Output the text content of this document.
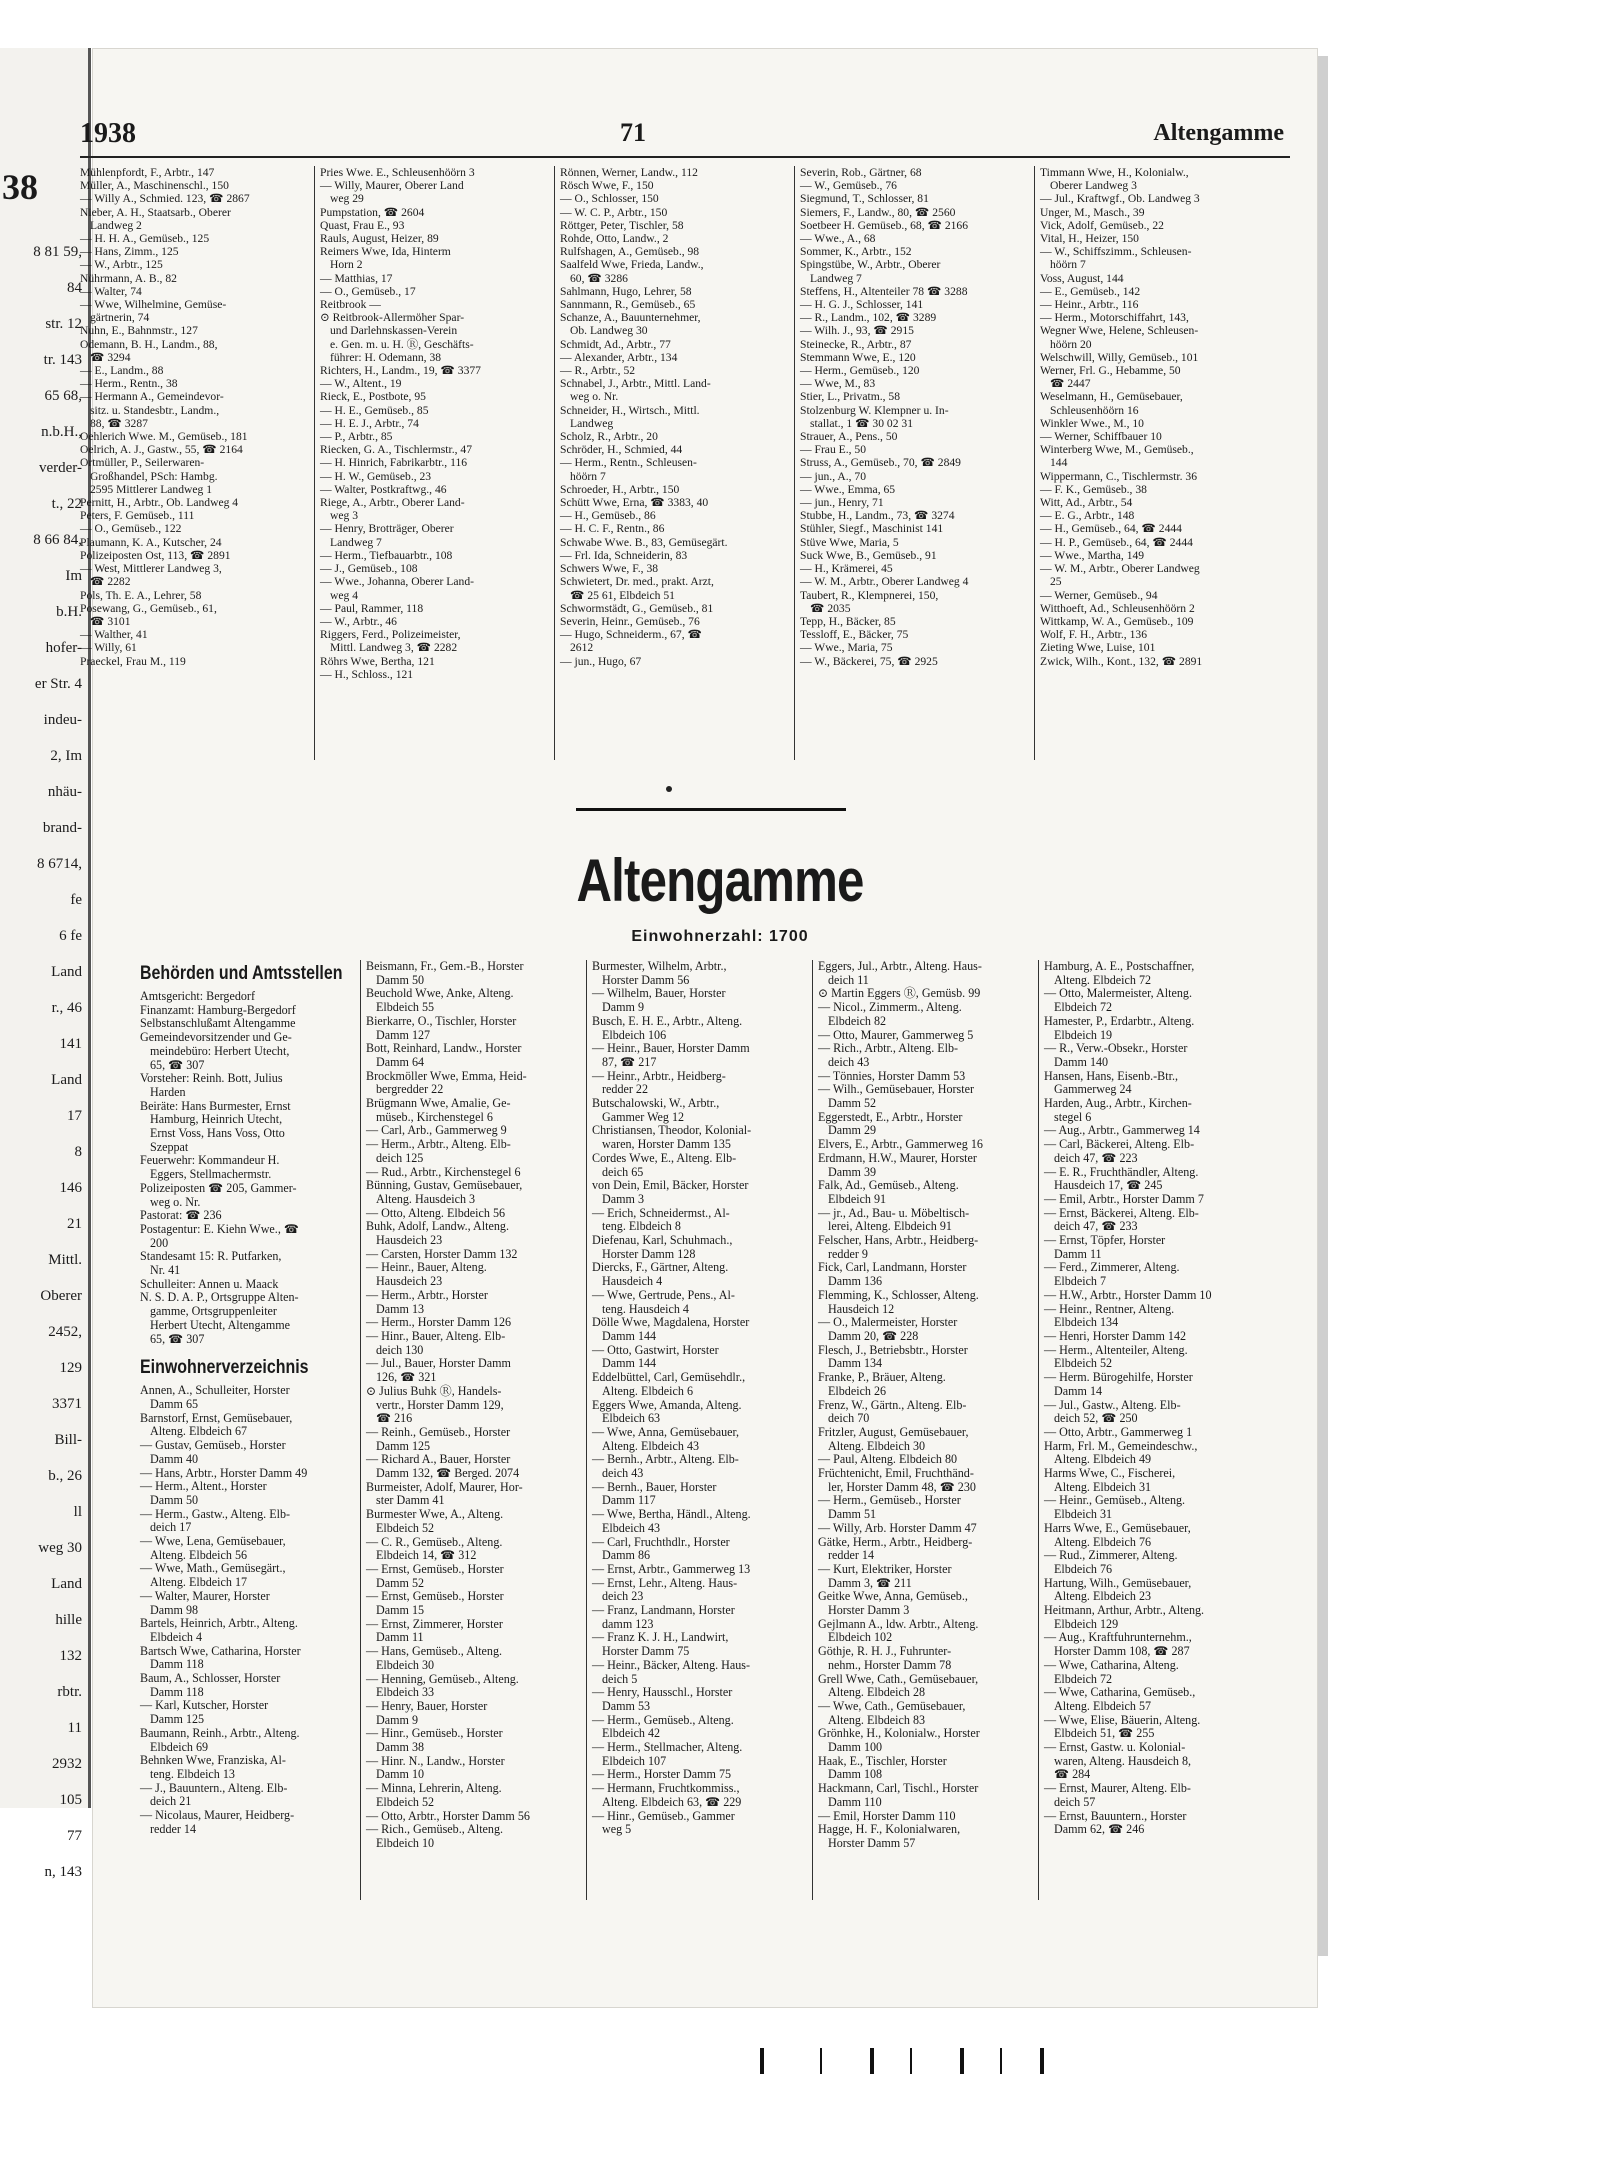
38
8 81 59,
84
str. 12
tr. 143
65 68,
n.b.H.,
verder-
t., 22
8 66 84,
Im
b.H.
hofer-
er Str. 4
indeu-
2, Im
nhäu-
brand-
8 6714,
fe
6 fe
Land
r., 46
141
Land
17
8
146
21
Mittl.
Oberer
2452,
129
3371
Bill-
b., 26
ll
weg 30
Land
hille
132
rbtr.
11
2932
105
77
n, 143
1938	71	Altengamme
Mühlenpfordt, F., Arbtr., 147
Müller, A., Maschinenschl., 150
— Willy A., Schmied. 123, ☎ 2867
Nieber, A. H., Staatsarb., Oberer
Landweg 2
— H. H. A., Gemüseb., 125
— Hans, Zimm., 125
— W., Arbtr., 125
Nührmann, A. B., 82
— Walter, 74
— Wwe, Wilhelmine, Gemüse-
gärtnerin, 74
Nuhn, E., Bahnmstr., 127
Odemann, B. H., Landm., 88,
☎ 3294
— E., Landm., 88
— Herm., Rentn., 38
— Hermann A., Gemeindevor-
sitz. u. Standesbtr., Landm.,
88, ☎ 3287
Oehlerich Wwe. M., Gemüseb., 181
Oelrich, A. J., Gastw., 55, ☎ 2164
Ortmüller, P., Seilerwaren-
Großhandel, PSch: Hambg.
2595 Mittlerer Landweg 1
Pernitt, H., Arbtr., Ob. Landweg 4
Peters, F. Gemüseb., 111
— O., Gemüseb., 122
Plaumann, K. A., Kutscher, 24
Polizeiposten Ost, 113, ☎ 2891
— West, Mittlerer Landweg 3,
☎ 2282
Pols, Th. E. A., Lehrer, 58
Posewang, G., Gemüseb., 61,
☎ 3101
— Walther, 41
— Willy, 61
Praeckel, Frau M., 119
Pries Wwe. E., Schleusenhöörn 3
— Willy, Maurer, Oberer Land
weg 29
Pumpstation, ☎ 2604
Quast, Frau E., 93
Rauls, August, Heizer, 89
Reimers Wwe, Ida, Hinterm
Horn 2
— Matthias, 17
— O., Gemüseb., 17
Reitbrook —
⊙ Reitbrook-Allermöher Spar-
und Darlehnskassen-Verein
e. Gen. m. u. H. Ⓡ, Geschäfts-
führer: H. Odemann, 38
Richters, H., Landm., 19, ☎ 3377
— W., Altent., 19
Rieck, E., Postbote, 95
— H. E., Gemüseb., 85
— H. E. J., Arbtr., 74
— P., Arbtr., 85
Riecken, G. A., Tischlermstr., 47
— H. Hinrich, Fabrikarbtr., 116
— H. W., Gemüseb., 23
— Walter, Postkraftwg., 46
Riege, A., Arbtr., Oberer Land-
weg 3
— Henry, Brotträger, Oberer
Landweg 7
— Herm., Tiefbauarbtr., 108
— J., Gemüseb., 108
— Wwe., Johanna, Oberer Land-
weg 4
— Paul, Rammer, 118
— W., Arbtr., 46
Riggers, Ferd., Polizeimeister,
Mittl. Landweg 3, ☎ 2282
Röhrs Wwe, Bertha, 121
— H., Schloss., 121
Rönnen, Werner, Landw., 112
Rösch Wwe, F., 150
— O., Schlosser, 150
— W. C. P., Arbtr., 150
Röttger, Peter, Tischler, 58
Rohde, Otto, Landw., 2
Rulfshagen, A., Gemüseb., 98
Saalfeld Wwe, Frieda, Landw.,
60, ☎ 3286
Sahlmann, Hugo, Lehrer, 58
Sannmann, R., Gemüseb., 65
Schanze, A., Bauunternehmer,
Ob. Landweg 30
Schmidt, Ad., Arbtr., 77
— Alexander, Arbtr., 134
— R., Arbtr., 52
Schnabel, J., Arbtr., Mittl. Land-
weg o. Nr.
Schneider, H., Wirtsch., Mittl.
Landweg
Scholz, R., Arbtr., 20
Schröder, H., Schmied, 44
— Herm., Rentn., Schleusen-
höörn 7
Schroeder, H., Arbtr., 150
Schütt Wwe, Erna, ☎ 3383, 40
— H., Gemüseb., 86
— H. C. F., Rentn., 86
Schwabe Wwe. B., 83, Gemüsegärt.
— Frl. Ida, Schneiderin, 83
Schwers Wwe, F., 38
Schwietert, Dr. med., prakt. Arzt,
☎ 25 61, Elbdeich 51
Schwormstädt, G., Gemüseb., 81
Severin, Heinr., Gemüseb., 76
— Hugo, Schneiderm., 67, ☎
2612
— jun., Hugo, 67
Severin, Rob., Gärtner, 68
— W., Gemüseb., 76
Siegmund, T., Schlosser, 81
Siemers, F., Landw., 80, ☎ 2560
Soetbeer H. Gemüseb., 68, ☎ 2166
— Wwe., A., 68
Sommer, K., Arbtr., 152
Spingstübe, W., Arbtr., Oberer
Landweg 7
Steffens, H., Altenteiler 78 ☎ 3288
— H. G. J., Schlosser, 141
— R., Landm., 102, ☎ 3289
— Wilh. J., 93, ☎ 2915
Steinecke, R., Arbtr., 87
Stemmann Wwe, E., 120
— Herm., Gemüseb., 120
— Wwe, M., 83
Stier, L., Privatm., 58
Stolzenburg W. Klempner u. In-
stallat., 1 ☎ 30 02 31
Strauer, A., Pens., 50
— Frau E., 50
Struss, A., Gemüseb., 70, ☎ 2849
— jun., A., 70
— Wwe., Emma, 65
— jun., Henry, 71
Stubbe, H., Landm., 73, ☎ 3274
Stühler, Siegf., Maschinist 141
Stüve Wwe, Maria, 5
Suck Wwe, B., Gemüseb., 91
— H., Krämerei, 45
— W. M., Arbtr., Oberer Landweg 4
Taubert, R., Klempnerei, 150,
☎ 2035
Tepp, H., Bäcker, 85
Tessloff, E., Bäcker, 75
— Wwe., Maria, 75
— W., Bäckerei, 75, ☎ 2925
Timmann Wwe, H., Kolonialw.,
Oberer Landweg 3
— Jul., Kraftwgf., Ob. Landweg 3
Unger, M., Masch., 39
Vick, Adolf, Gemüseb., 22
Vital, H., Heizer, 150
— W., Schiffszimm., Schleusen-
höörn 7
Voss, August, 144
— E., Gemüseb., 142
— Heinr., Arbtr., 116
— Herm., Motorschiffahrt, 143,
Wegner Wwe, Helene, Schleusen-
höörn 20
Welschwill, Willy, Gemüseb., 101
Werner, Frl. G., Hebamme, 50
☎ 2447
Weselmann, H., Gemüsebauer,
Schleusenhöörn 16
Winkler Wwe., M., 10
— Werner, Schiffbauer 10
Winterberg Wwe, M., Gemüseb.,
144
Wippermann, C., Tischlermstr. 36
— F. K., Gemüseb., 38
Witt, Ad., Arbtr., 54
— E. G., Arbtr., 148
— H., Gemüseb., 64, ☎ 2444
— H. P., Gemüseb., 64, ☎ 2444
— Wwe., Martha, 149
— W. M., Arbtr., Oberer Landweg
25
— Werner, Gemüseb., 94
Witthoeft, Ad., Schleusenhöörn 2
Wittkamp, W. A., Gemüseb., 109
Wolf, F. H., Arbtr., 136
Zieting Wwe, Luise, 101
Zwick, Wilh., Kont., 132, ☎ 2891
Altengamme
Einwohnerzahl: 1700
Behörden und Amtsstellen
Amtsgericht: Bergedorf
Finanzamt: Hamburg-Bergedorf
Selbstanschlußamt Altengamme
Gemeindevorsitzender und Ge-
meindebüro: Herbert Utecht,
65, ☎ 307
Vorsteher: Reinh. Bott, Julius
Harden
Beiräte: Hans Burmester, Ernst
Hamburg, Heinrich Utecht,
Ernst Voss, Hans Voss, Otto
Szeppat
Feuerwehr: Kommandeur H.
Eggers, Stellmachermstr.
Polizeiposten ☎ 205, Gammer-
weg o. Nr.
Pastorat: ☎ 236
Postagentur: E. Kiehn Wwe., ☎
200
Standesamt 15: R. Putfarken,
Nr. 41
Schulleiter: Annen u. Maack
N. S. D. A. P., Ortsgruppe Alten-
gamme, Ortsgruppenleiter
Herbert Utecht, Altengamme
65, ☎ 307
Einwohnerverzeichnis
Annen, A., Schulleiter, Horster
Damm 65
Barnstorf, Ernst, Gemüsebauer,
Alteng. Elbdeich 67
— Gustav, Gemüseb., Horster
Damm 40
— Hans, Arbtr., Horster Damm 49
— Herm., Altent., Horster
Damm 50
— Herm., Gastw., Alteng. Elb-
deich 17
— Wwe, Lena, Gemüsebauer,
Alteng. Elbdeich 56
— Wwe, Math., Gemüsegärt.,
Alteng. Elbdeich 17
— Walter, Maurer, Horster
Damm 98
Bartels, Heinrich, Arbtr., Alteng.
Elbdeich 4
Bartsch Wwe, Catharina, Horster
Damm 118
Baum, A., Schlosser, Horster
Damm 118
— Karl, Kutscher, Horster
Damm 125
Baumann, Reinh., Arbtr., Alteng.
Elbdeich 69
Behnken Wwe, Franziska, Al-
teng. Elbdeich 13
— J., Bauuntern., Alteng. Elb-
deich 21
— Nicolaus, Maurer, Heidberg-
redder 14
Beismann, Fr., Gem.-B., Horster
Damm 50
Beuchold Wwe, Anke, Alteng.
Elbdeich 55
Bierkarre, O., Tischler, Horster
Damm 127
Bott, Reinhard, Landw., Horster
Damm 64
Brockmöller Wwe, Emma, Heid-
bergredder 22
Brügmann Wwe, Amalie, Ge-
müseb., Kirchenstegel 6
— Carl, Arb., Gammerweg 9
— Herm., Arbtr., Alteng. Elb-
deich 125
— Rud., Arbtr., Kirchenstegel 6
Bünning, Gustav, Gemüsebauer,
Alteng. Hausdeich 3
— Otto, Alteng. Elbdeich 56
Buhk, Adolf, Landw., Alteng.
Hausdeich 23
— Carsten, Horster Damm 132
— Heinr., Bauer, Alteng.
Hausdeich 23
— Herm., Arbtr., Horster
Damm 13
— Herm., Horster Damm 126
— Hinr., Bauer, Alteng. Elb-
deich 130
— Jul., Bauer, Horster Damm
126, ☎ 321
⊙ Julius Buhk Ⓡ, Handels-
vertr., Horster Damm 129,
☎ 216
— Reinh., Gemüseb., Horster
Damm 125
— Richard A., Bauer, Horster
Damm 132, ☎ Berged. 2074
Burmeister, Adolf, Maurer, Hor-
ster Damm 41
Burmester Wwe, A., Alteng.
Elbdeich 52
— C. R., Gemüseb., Alteng.
Elbdeich 14, ☎ 312
— Ernst, Gemüseb., Horster
Damm 52
— Ernst, Gemüseb., Horster
Damm 15
— Ernst, Zimmerer, Horster
Damm 11
— Hans, Gemüseb., Alteng.
Elbdeich 30
— Henning, Gemüseb., Alteng.
Elbdeich 33
— Henry, Bauer, Horster
Damm 9
— Hinr., Gemüseb., Horster
Damm 38
— Hinr. N., Landw., Horster
Damm 10
— Minna, Lehrerin, Alteng.
Elbdeich 52
— Otto, Arbtr., Horster Damm 56
— Rich., Gemüseb., Alteng.
Elbdeich 10
Burmester, Wilhelm, Arbtr.,
Horster Damm 56
— Wilhelm, Bauer, Horster
Damm 9
Busch, E. H. E., Arbtr., Alteng.
Elbdeich 106
— Heinr., Bauer, Horster Damm
87, ☎ 217
— Heinr., Arbtr., Heidberg-
redder 22
Butschalowski, W., Arbtr.,
Gammer Weg 12
Christiansen, Theodor, Kolonial-
waren, Horster Damm 135
Cordes Wwe, E., Alteng. Elb-
deich 65
von Dein, Emil, Bäcker, Horster
Damm 3
— Erich, Schneidermst., Al-
teng. Elbdeich 8
Diefenau, Karl, Schuhmach.,
Horster Damm 128
Diercks, F., Gärtner, Alteng.
Hausdeich 4
— Wwe, Gertrude, Pens., Al-
teng. Hausdeich 4
Dölle Wwe, Magdalena, Horster
Damm 144
— Otto, Gastwirt, Horster
Damm 144
Eddelbüttel, Carl, Gemüsehdlr.,
Alteng. Elbdeich 6
Eggers Wwe, Amanda, Alteng.
Elbdeich 63
— Wwe, Anna, Gemüsebauer,
Alteng. Elbdeich 43
— Bernh., Arbtr., Alteng. Elb-
deich 43
— Bernh., Bauer, Horster
Damm 117
— Wwe, Bertha, Händl., Alteng.
Elbdeich 43
— Carl, Fruchthdlr., Horster
Damm 86
— Ernst, Arbtr., Gammerweg 13
— Ernst, Lehr., Alteng. Haus-
deich 23
— Franz, Landmann, Horster
damm 123
— Franz K. J. H., Landwirt,
Horster Damm 75
— Heinr., Bäcker, Alteng. Haus-
deich 5
— Henry, Hausschl., Horster
Damm 53
— Herm., Gemüseb., Alteng.
Elbdeich 42
— Herm., Stellmacher, Alteng.
Elbdeich 107
— Herm., Horster Damm 75
— Hermann, Fruchtkommiss.,
Alteng. Elbdeich 63, ☎ 229
— Hinr., Gemüseb., Gammer
weg 5
Eggers, Jul., Arbtr., Alteng. Haus-
deich 11
⊙ Martin Eggers Ⓡ, Gemüsb. 99
— Nicol., Zimmerm., Alteng.
Elbdeich 82
— Otto, Maurer, Gammerweg 5
— Rich., Arbtr., Alteng. Elb-
deich 43
— Tönnies, Horster Damm 53
— Wilh., Gemüsebauer, Horster
Damm 52
Eggerstedt, E., Arbtr., Horster
Damm 29
Elvers, E., Arbtr., Gammerweg 16
Erdmann, H.W., Maurer, Horster
Damm 39
Falk, Ad., Gemüseb., Alteng.
Elbdeich 91
— jr., Ad., Bau- u. Möbeltisch-
lerei, Alteng. Elbdeich 91
Felscher, Hans, Arbtr., Heidberg-
redder 9
Fick, Carl, Landmann, Horster
Damm 136
Flemming, K., Schlosser, Alteng.
Hausdeich 12
— O., Malermeister, Horster
Damm 20, ☎ 228
Flesch, J., Betriebsbtr., Horster
Damm 134
Franke, P., Bräuer, Alteng.
Elbdeich 26
Frenz, W., Gärtn., Alteng. Elb-
deich 70
Fritzler, August, Gemüsebauer,
Alteng. Elbdeich 30
— Paul, Alteng. Elbdeich 80
Früchtenicht, Emil, Fruchthänd-
ler, Horster Damm 48, ☎ 230
— Herm., Gemüseb., Horster
Damm 51
— Willy, Arb. Horster Damm 47
Gätke, Herm., Arbtr., Heidberg-
redder 14
— Kurt, Elektriker, Horster
Damm 3, ☎ 211
Geitke Wwe, Anna, Gemüseb.,
Horster Damm 3
Gejlmann A., ldw. Arbtr., Alteng.
Elbdeich 102
Göthje, R. H. J., Fuhrunter-
nehm., Horster Damm 78
Grell Wwe, Cath., Gemüsebauer,
Alteng. Elbdeich 28
— Wwe, Cath., Gemüsebauer,
Alteng. Elbdeich 83
Grönhke, H., Kolonialw., Horster
Damm 100
Haak, E., Tischler, Horster
Damm 108
Hackmann, Carl, Tischl., Horster
Damm 110
— Emil, Horster Damm 110
Hagge, H. F., Kolonialwaren,
Horster Damm 57
Hamburg, A. E., Postschaffner,
Alteng. Elbdeich 72
— Otto, Malermeister, Alteng.
Elbdeich 72
Hamester, P., Erdarbtr., Alteng.
Elbdeich 19
— R., Verw.-Obsekr., Horster
Damm 140
Hansen, Hans, Eisenb.-Btr.,
Gammerweg 24
Harden, Aug., Arbtr., Kirchen-
stegel 6
— Aug., Arbtr., Gammerweg 14
— Carl, Bäckerei, Alteng. Elb-
deich 47, ☎ 223
— E. R., Fruchthändler, Alteng.
Hausdeich 17, ☎ 245
— Emil, Arbtr., Horster Damm 7
— Ernst, Bäckerei, Alteng. Elb-
deich 47, ☎ 233
— Ernst, Töpfer, Horster
Damm 11
— Ferd., Zimmerer, Alteng.
Elbdeich 7
— H.W., Arbtr., Horster Damm 10
— Heinr., Rentner, Alteng.
Elbdeich 134
— Henri, Horster Damm 142
— Herm., Altenteiler, Alteng.
Elbdeich 52
— Herm. Bürogehilfe, Horster
Damm 14
— Jul., Gastw., Alteng. Elb-
deich 52, ☎ 250
— Otto, Arbtr., Gammerweg 1
Harm, Frl. M., Gemeindeschw.,
Alteng. Elbdeich 49
Harms Wwe, C., Fischerei,
Alteng. Elbdeich 31
— Heinr., Gemüseb., Alteng.
Elbdeich 31
Harrs Wwe, E., Gemüsebauer,
Alteng. Elbdeich 76
— Rud., Zimmerer, Alteng.
Elbdeich 76
Hartung, Wilh., Gemüsebauer,
Alteng. Elbdeich 23
Heitmann, Arthur, Arbtr., Alteng.
Elbdeich 129
— Aug., Kraftfuhrunternehm.,
Horster Damm 108, ☎ 287
— Wwe, Catharina, Alteng.
Elbdeich 72
— Wwe, Catharina, Gemüseb.,
Alteng. Elbdeich 57
— Wwe, Elise, Bäuerin, Alteng.
Elbdeich 51, ☎ 255
— Ernst, Gastw. u. Kolonial-
waren, Alteng. Hausdeich 8,
☎ 284
— Ernst, Maurer, Alteng. Elb-
deich 57
— Ernst, Bauuntern., Horster
Damm 62, ☎ 246
